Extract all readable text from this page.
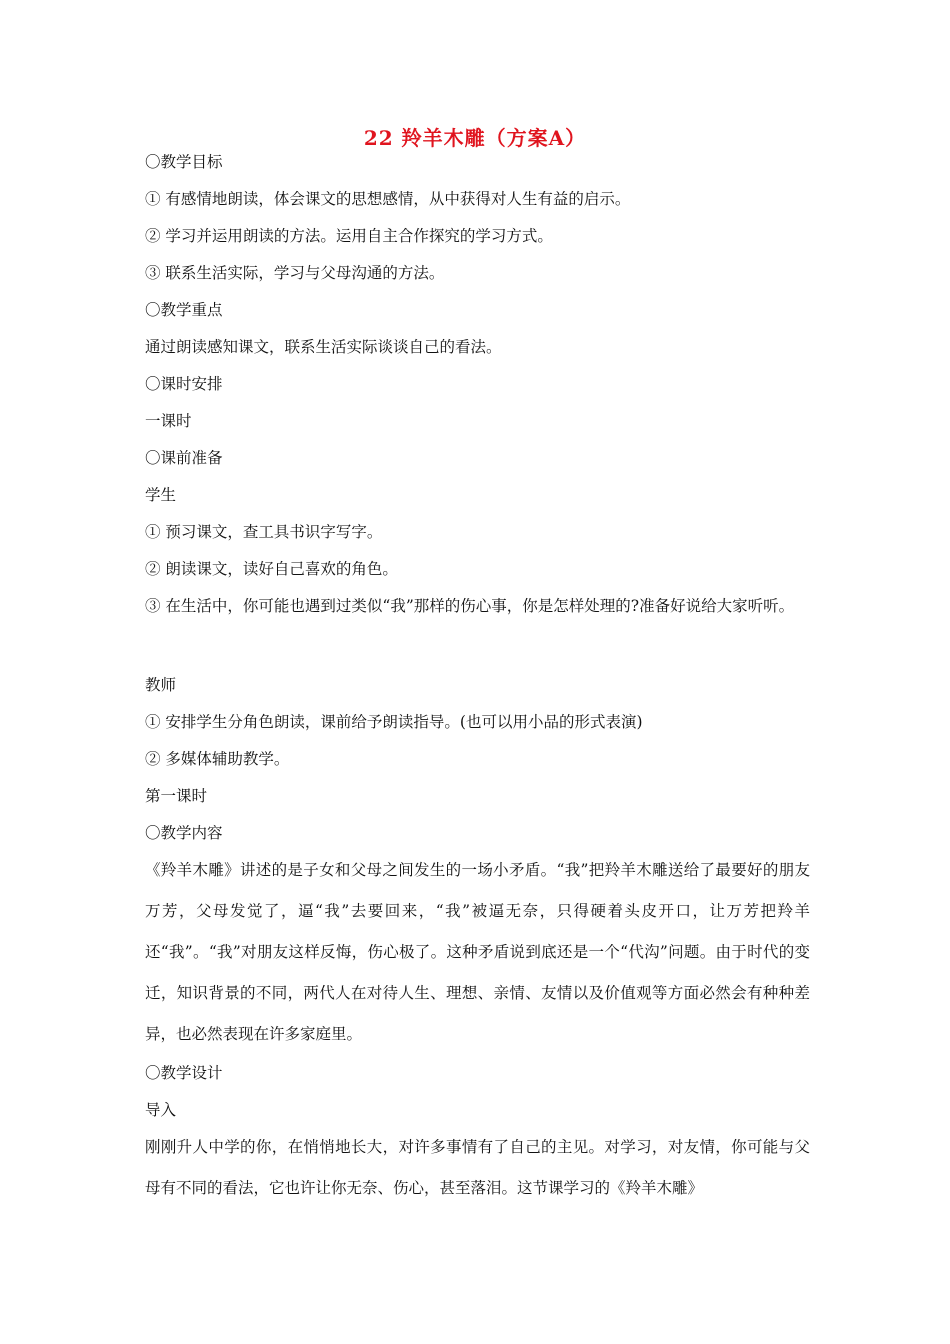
22 羚羊木雕（方案A）
〇教学目标
① 有感情地朗读，体会课文的思想感情，从中获得对人生有益的启示。
② 学习并运用朗读的方法。运用自主合作探究的学习方式。
③ 联系生活实际，学习与父母沟通的方法。
〇教学重点
通过朗读感知课文，联系生活实际谈谈自己的看法。
〇课时安排
一课时
〇课前准备
学生
① 预习课文，查工具书识字写字。
② 朗读课文，读好自己喜欢的角色。
③ 在生活中，你可能也遇到过类似“我”那样的伤心事，你是怎样处理的?准备好说给大家听听。
教师
① 安排学生分角色朗读，课前给予朗读指导。(也可以用小品的形式表演)
② 多媒体辅助教学。
第一课时
〇教学内容
《羚羊木雕》讲述的是子女和父母之间发生的一场小矛盾。“我”把羚羊木雕送给了最要好的朋友万芳，父母发觉了，逼“我”去要回来，“我”被逼无奈，只得硬着头皮开口，让万芳把羚羊还“我”。“我”对朋友这样反悔，伤心极了。这种矛盾说到底还是一个“代沟”问题。由于时代的变迁，知识背景的不同，两代人在对待人生、理想、亲情、友情以及价值观等方面必然会有种种差异，也必然表现在许多家庭里。
〇教学设计
导入
刚刚升人中学的你，在悄悄地长大，对许多事情有了自己的主见。对学习，对友情，你可能与父母有不同的看法，它也许让你无奈、伤心，甚至落泪。这节课学习的《羚羊木雕》
